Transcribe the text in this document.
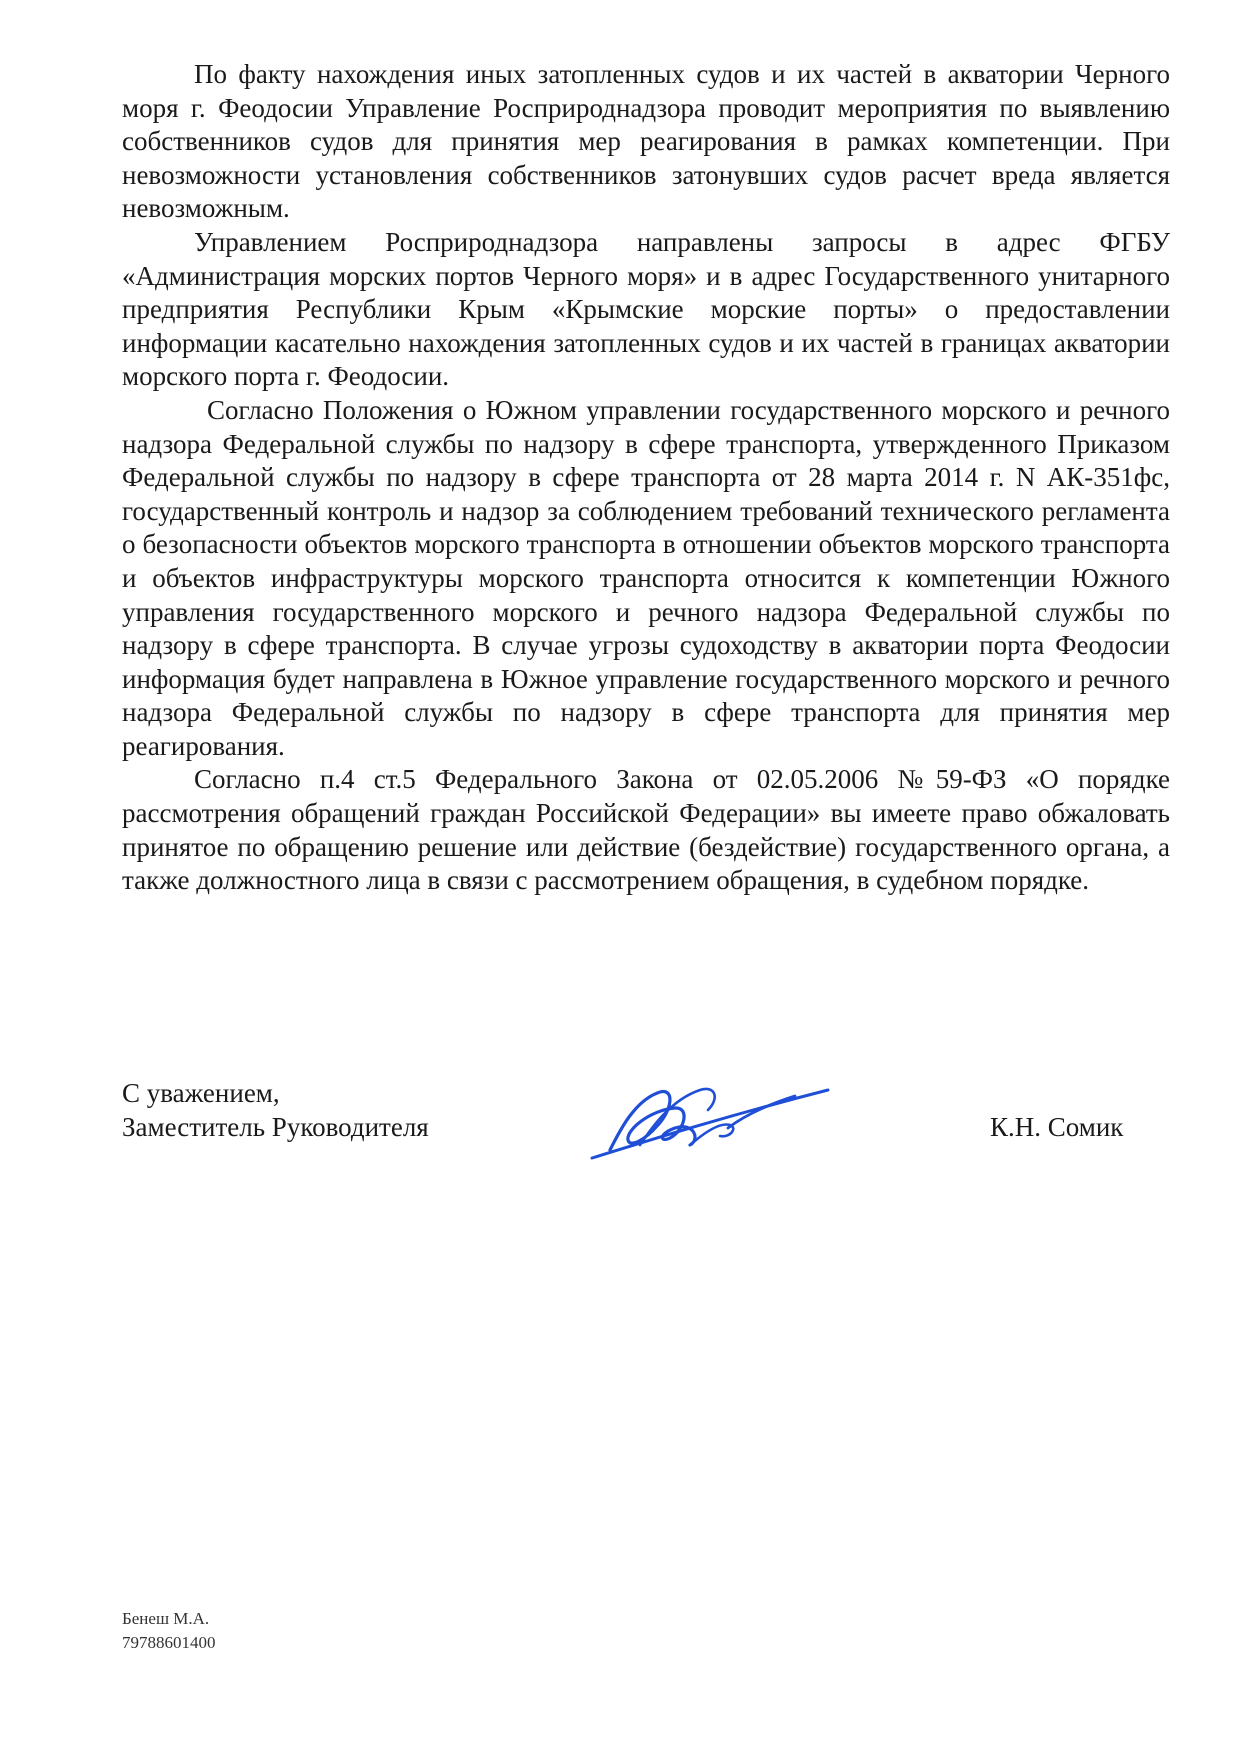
По факту нахождения иных затопленных судов и их частей в акватории Черного моря г. Феодосии Управление Росприроднадзора проводит мероприятия по выявлению собственников судов для принятия мер реагирования в рамках компетенции. При невозможности установления собственников затонувших судов расчет вреда является невозможным.

Управлением Росприроднадзора направлены запросы в адрес ФГБУ «Администрация морских портов Черного моря» и в адрес Государственного унитарного предприятия Республики Крым «Крымские морские порты» о предоставлении информации касательно нахождения затопленных судов и их частей в границах акватории морского порта г. Феодосии.

Согласно Положения о Южном управлении государственного морского и речного надзора Федеральной службы по надзору в сфере транспорта, утвержденного Приказом Федеральной службы по надзору в сфере транспорта от 28 марта 2014 г. N АК-351фс, государственный контроль и надзор за соблюдением требований технического регламента о безопасности объектов морского транспорта в отношении объектов морского транспорта и объектов инфраструктуры морского транспорта относится к компетенции Южного управления государственного морского и речного надзора Федеральной службы по надзору в сфере транспорта. В случае угрозы судоходству в акватории порта Феодосии информация будет направлена в Южное управление государственного морского и речного надзора Федеральной службы по надзору в сфере транспорта для принятия мер реагирования.

Согласно п.4 ст.5 Федерального Закона от 02.05.2006 №59-ФЗ «О порядке рассмотрения обращений граждан Российской Федерации» вы имеете право обжаловать принятое по обращению решение или действие (бездействие) государственного органа, а также должностного лица в связи с рассмотрением обращения, в судебном порядке.

С уважением,
Заместитель Руководителя	К.Н. Сомик
Бенеш М.А.
79788601400
